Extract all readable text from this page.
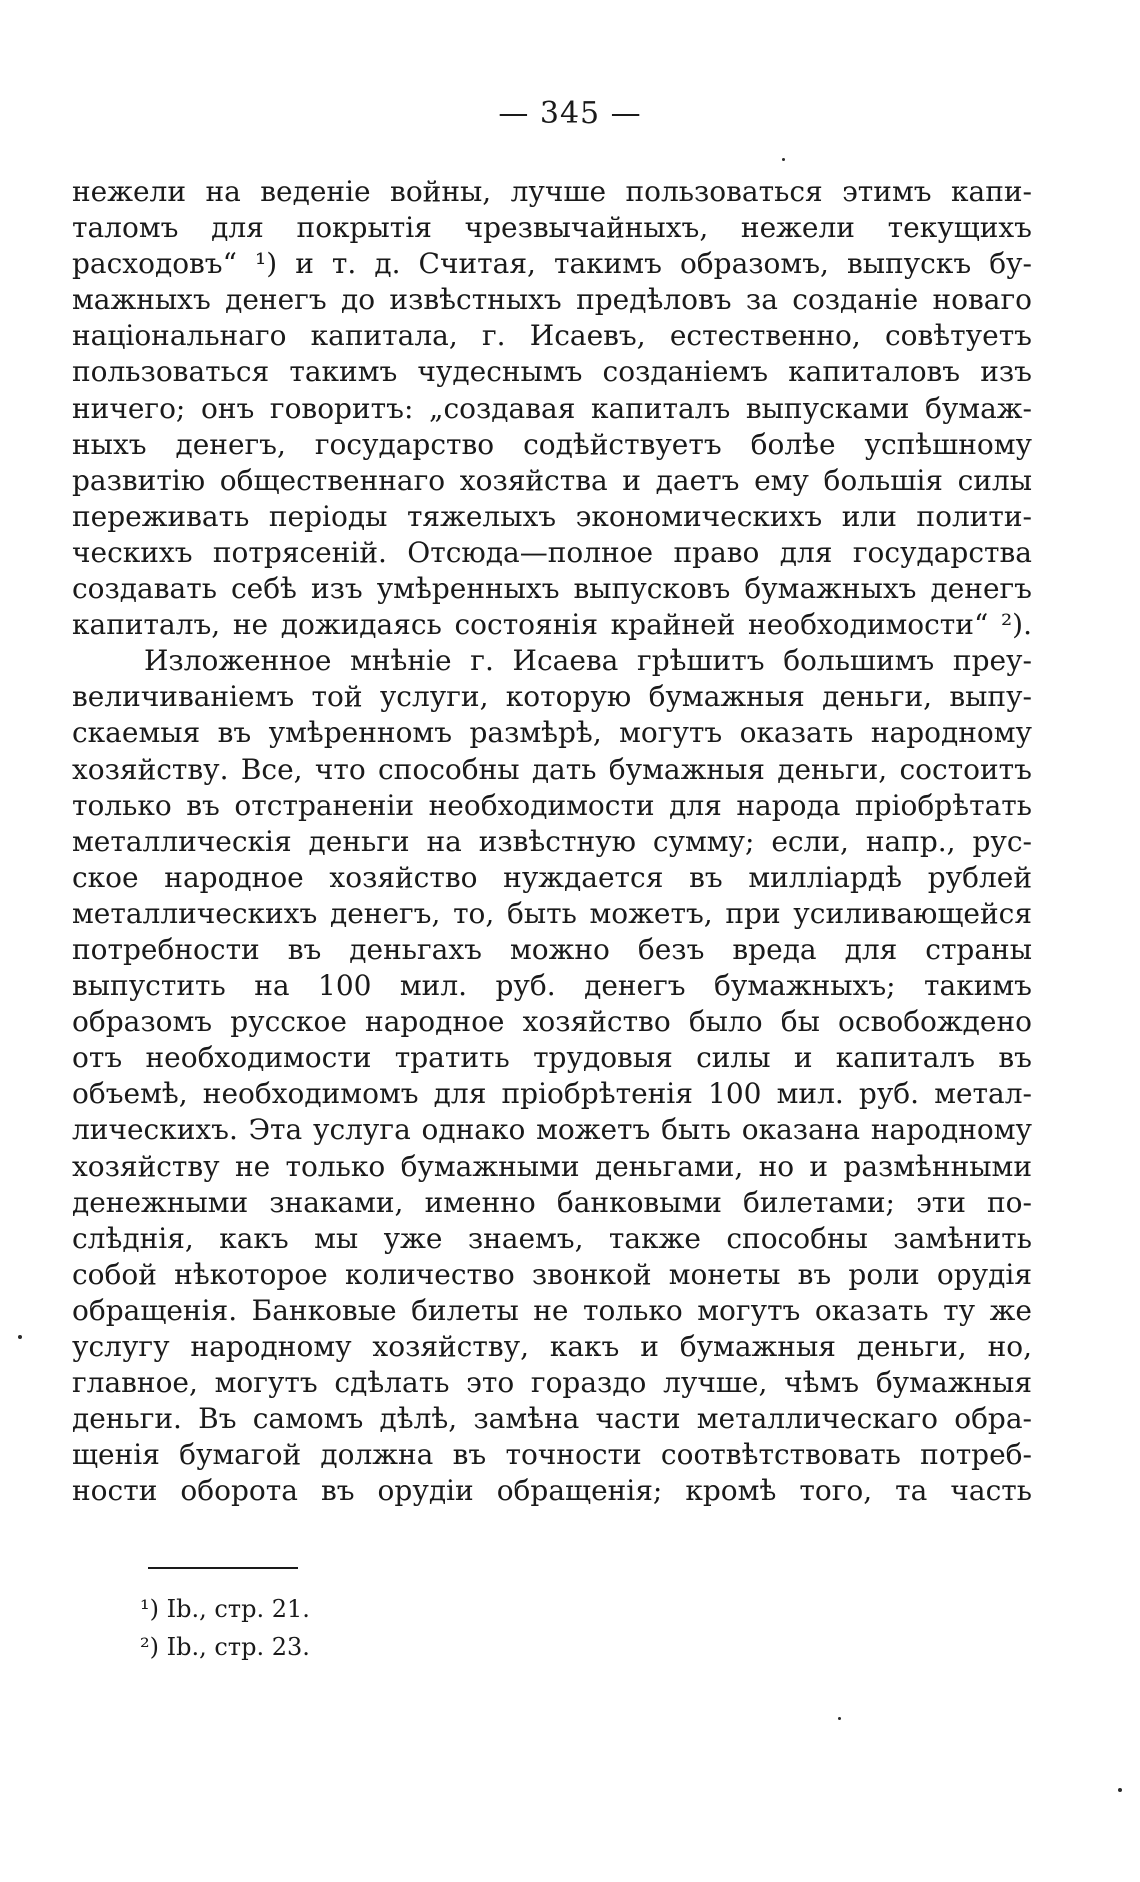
— 345 —
нежели на веденіе войны, лучше пользоваться этимъ капи-
таломъ для покрытія чрезвычайныхъ, нежели текущихъ
расходовъ“ ¹) и т. д. Считая, такимъ образомъ, выпускъ бу-
мажныхъ денегъ до извѣстныхъ предѣловъ за созданіе новаго
національнаго капитала, г. Исаевъ, естественно, совѣтуетъ
пользоваться такимъ чудеснымъ созданіемъ капиталовъ изъ
ничего; онъ говоритъ: „создавая капиталъ выпусками бумаж-
ныхъ денегъ, государство содѣйствуетъ болѣе успѣшному
развитію общественнаго хозяйства и даетъ ему большія силы
переживать періоды тяжелыхъ экономическихъ или полити-
ческихъ потрясеній. Отсюда—полное право для государства
создавать себѣ изъ умѣренныхъ выпусковъ бумажныхъ денегъ
капиталъ, не дожидаясь состоянія крайней необходимости“ ²).
Изложенное мнѣніе г. Исаева грѣшитъ большимъ преу-
величиваніемъ той услуги, которую бумажныя деньги, выпу-
скаемыя въ умѣренномъ размѣрѣ, могутъ оказать народному
хозяйству. Все, что способны дать бумажныя деньги, состоитъ
только въ отстраненіи необходимости для народа пріобрѣтать
металлическія деньги на извѣстную сумму; если, напр., рус-
ское народное хозяйство нуждается въ милліардѣ рублей
металлическихъ денегъ, то, быть можетъ, при усиливающейся
потребности въ деньгахъ можно безъ вреда для страны
выпустить на 100 мил. руб. денегъ бумажныхъ; такимъ
образомъ русское народное хозяйство было бы освобождено
отъ необходимости тратить трудовыя силы и капиталъ въ
объемѣ, необходимомъ для пріобрѣтенія 100 мил. руб. метал-
лическихъ. Эта услуга однако можетъ быть оказана народному
хозяйству не только бумажными деньгами, но и размѣнными
денежными знаками, именно банковыми билетами; эти по-
слѣднія, какъ мы уже знаемъ, также способны замѣнить
собой нѣкоторое количество звонкой монеты въ роли орудія
обращенія. Банковые билеты не только могутъ оказать ту же
услугу народному хозяйству, какъ и бумажныя деньги, но,
главное, могутъ сдѣлать это гораздо лучше, чѣмъ бумажныя
деньги. Въ самомъ дѣлѣ, замѣна части металлическаго обра-
щенія бумагой должна въ точности соотвѣтствовать потреб-
ности оборота въ орудіи обращенія; кромѣ того, та часть
¹) Ib., стр. 21.
²) Ib., стр. 23.
